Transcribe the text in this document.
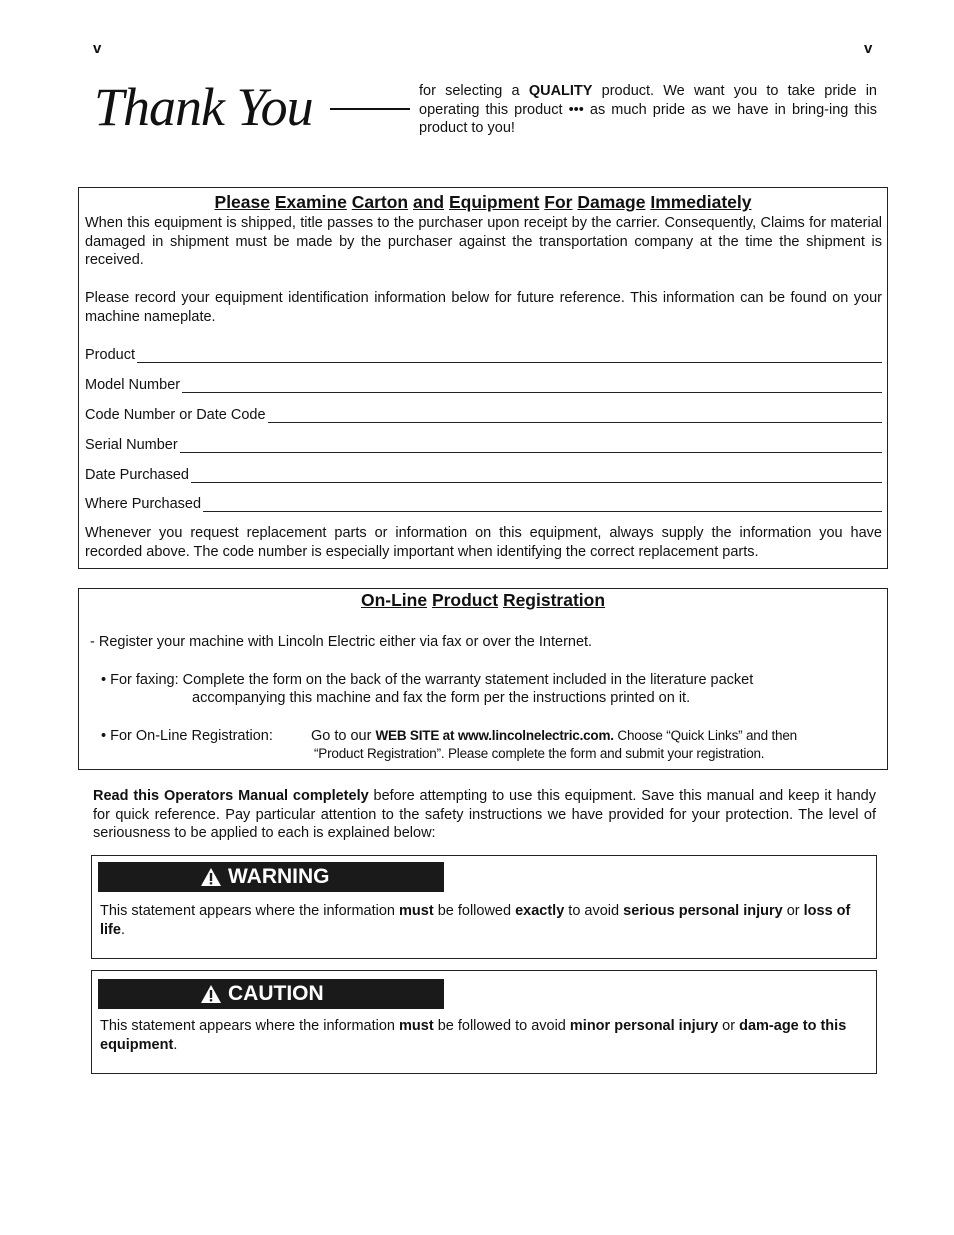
v	v
Thank You	for selecting a QUALITY product. We want you to take pride in operating this product ••• as much pride as we have in bring-ing this product to you!
Please Examine Carton and Equipment For Damage Immediately
When this equipment is shipped, title passes to the purchaser upon receipt by the carrier. Consequently, Claims for material damaged in shipment must be made by the purchaser against the transportation company at the time the shipment is received.
Please record your equipment identification information below for future reference. This information can be found on your machine nameplate.
Product
Model Number
Code Number or Date Code
Serial Number
Date Purchased
Where Purchased
Whenever you request replacement parts or information on this equipment, always supply the information you have recorded above. The code number is especially important when identifying the correct replacement parts.
On-Line Product Registration
- Register your machine with Lincoln Electric either via fax or over the Internet.
• For faxing: Complete the form on the back of the warranty statement included in the literature packet
accompanying this machine and fax the form per the instructions printed on it.
• For On-Line Registration:	Go to our WEB SITE at www.lincolnelectric.com. Choose “Quick Links” and then
“Product Registration”. Please complete the form and submit your registration.
Read this Operators Manual completely before attempting to use this equipment. Save this manual and keep it handy for quick reference. Pay particular attention to the safety instructions we have provided for your protection. The level of seriousness to be applied to each is explained below:
WARNING
This statement appears where the information must be followed exactly to avoid serious personal injury or loss of life.
CAUTION
This statement appears where the information must be followed to avoid minor personal injury or dam-age to this equipment.
